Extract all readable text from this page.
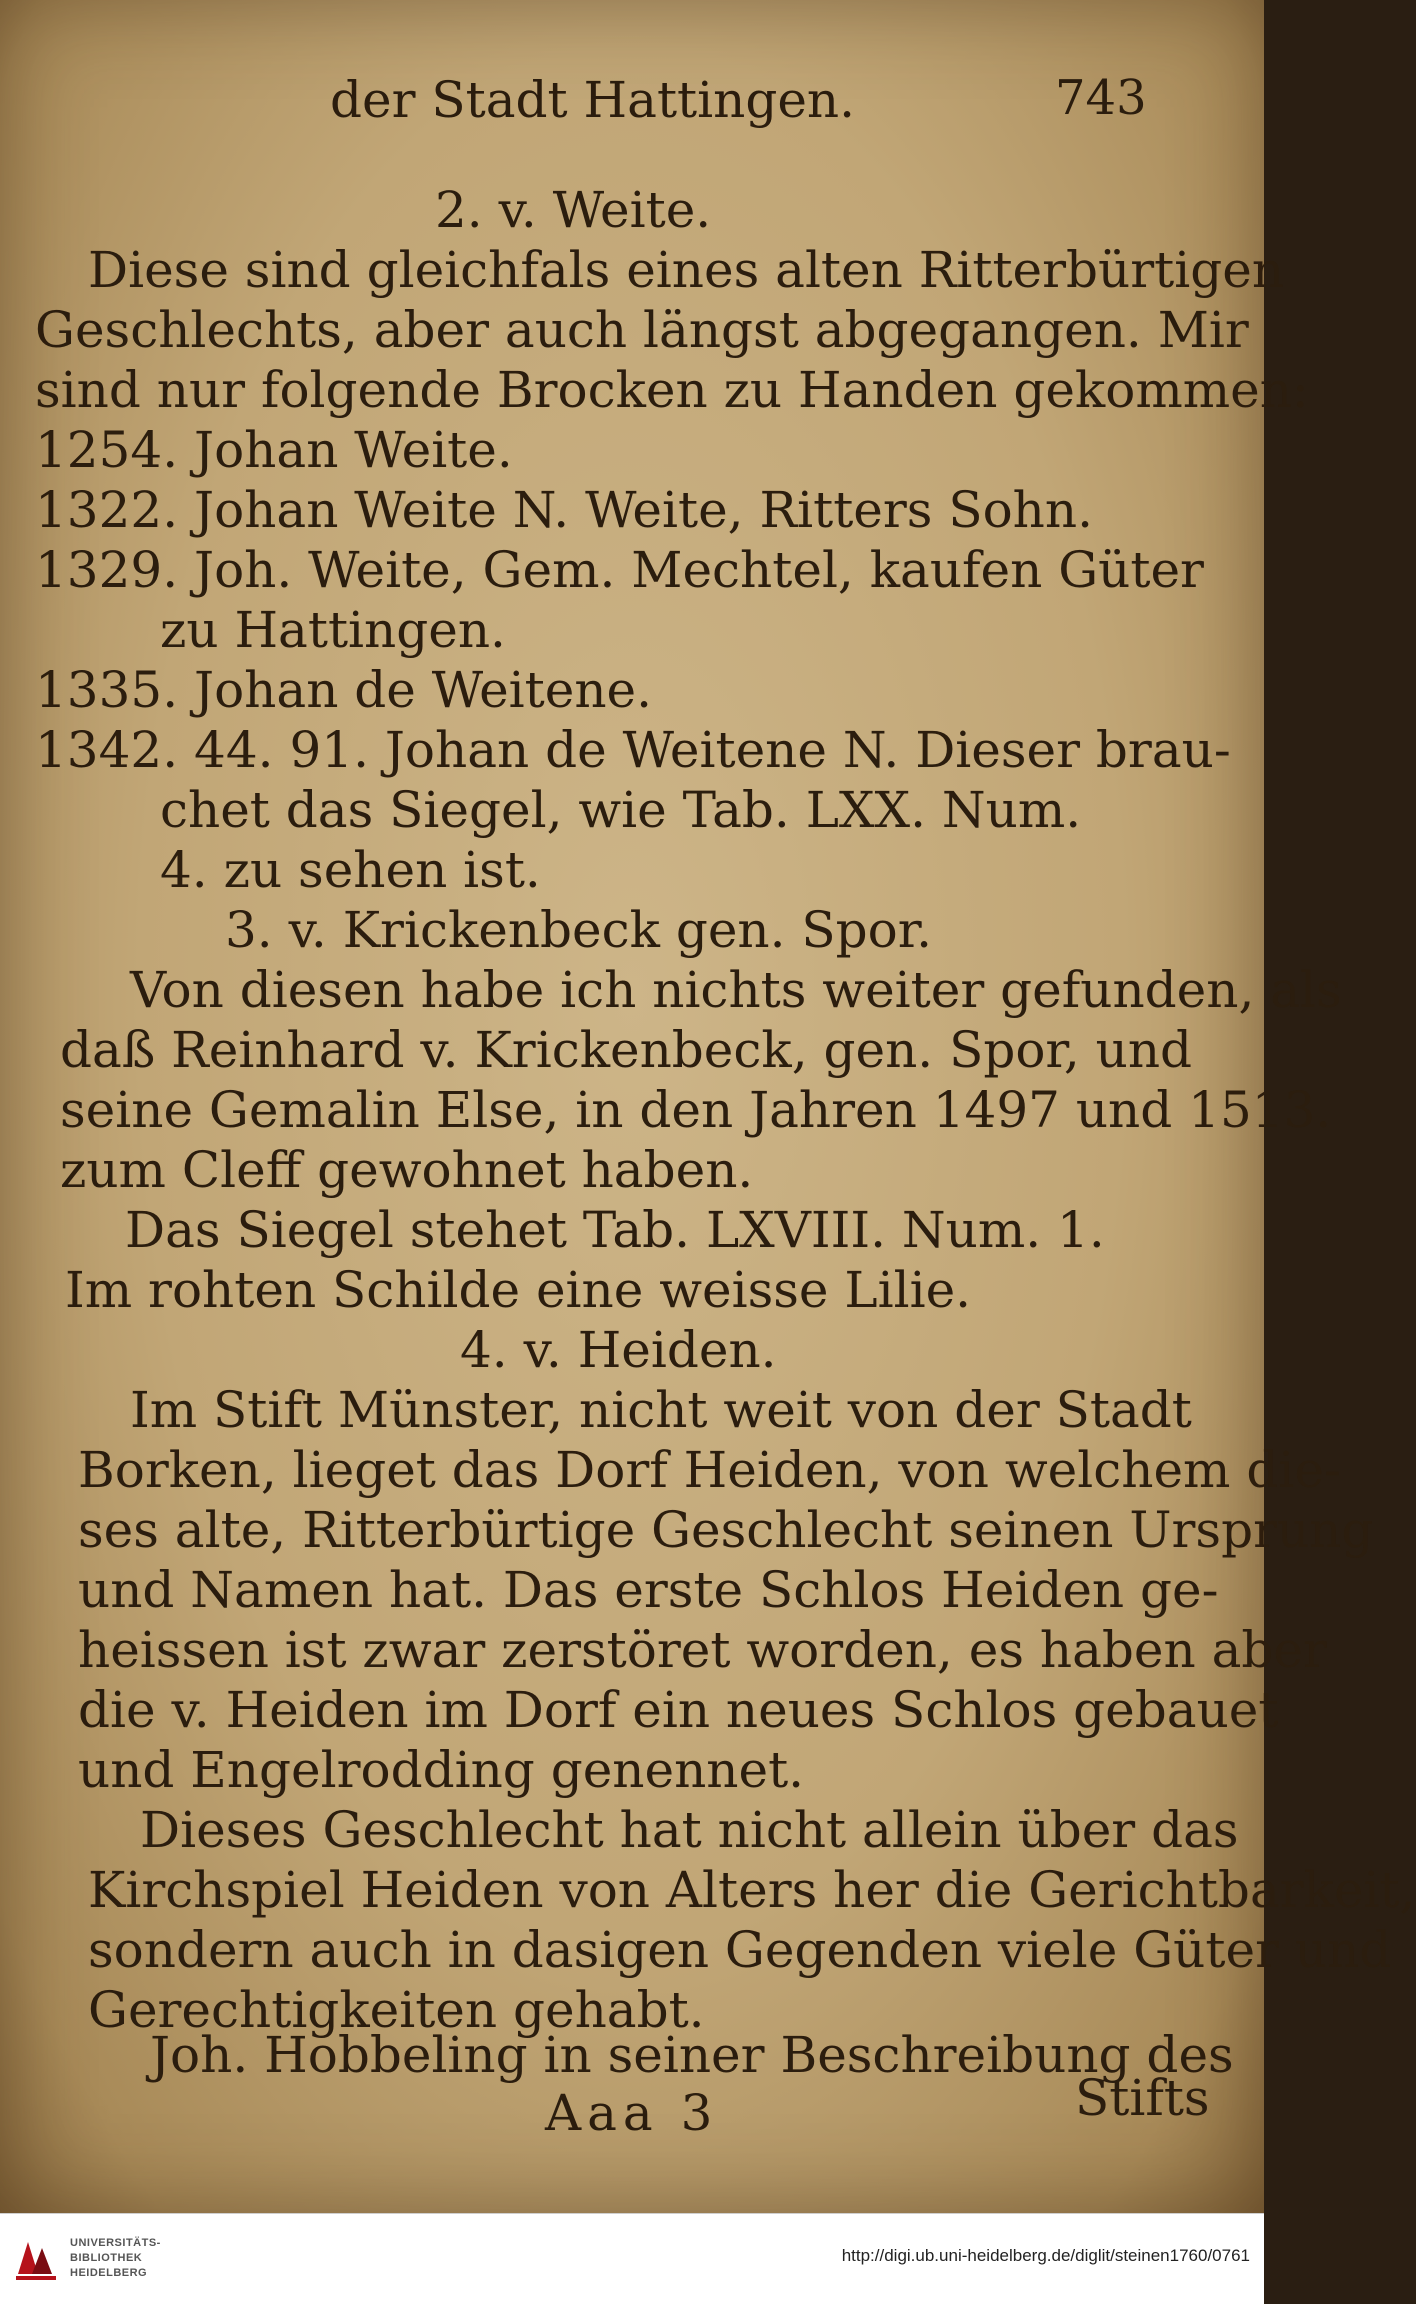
der Stadt Hattingen.	743
2. v. Weite.
Diese sind gleichfals eines alten Ritterbürtigen
Geschlechts, aber auch längst abgegangen. Mir
sind nur folgende Brocken zu Handen gekommen:
1254. Johan Weite.
1322. Johan Weite N. Weite, Ritters Sohn.
1329. Joh. Weite, Gem. Mechtel, kaufen Güter
zu Hattingen.
1335. Johan de Weitene.
1342. 44. 91. Johan de Weitene N. Dieser brau-
chet das Siegel, wie Tab. LXX. Num.
4. zu sehen ist.
3. v. Krickenbeck gen. Spor.
Von diesen habe ich nichts weiter gefunden, als
daß Reinhard v. Krickenbeck, gen. Spor, und
seine Gemalin Else, in den Jahren 1497 und 1513.
zum Cleff gewohnet haben.
Das Siegel stehet Tab. LXVIII. Num. 1.
Im rohten Schilde eine weisse Lilie.
4. v. Heiden.
Im Stift Münster, nicht weit von der Stadt
Borken, lieget das Dorf Heiden, von welchem die-
ses alte, Ritterbürtige Geschlecht seinen Ursprung
und Namen hat. Das erste Schlos Heiden ge-
heissen ist zwar zerstöret worden, es haben aber
die v. Heiden im Dorf ein neues Schlos gebauet
und Engelrodding genennet.
Dieses Geschlecht hat nicht allein über das
Kirchspiel Heiden von Alters her die Gerichtbarkeit,
sondern auch in dasigen Gegenden viele Güter und
Gerechtigkeiten gehabt.
Joh. Hobbeling in seiner Beschreibung des
Aaa 3	Stifts
UNIVERSITÄTS-
BIBLIOTHEK
HEIDELBERG
http://digi.ub.uni-heidelberg.de/diglit/steinen1760/0761
